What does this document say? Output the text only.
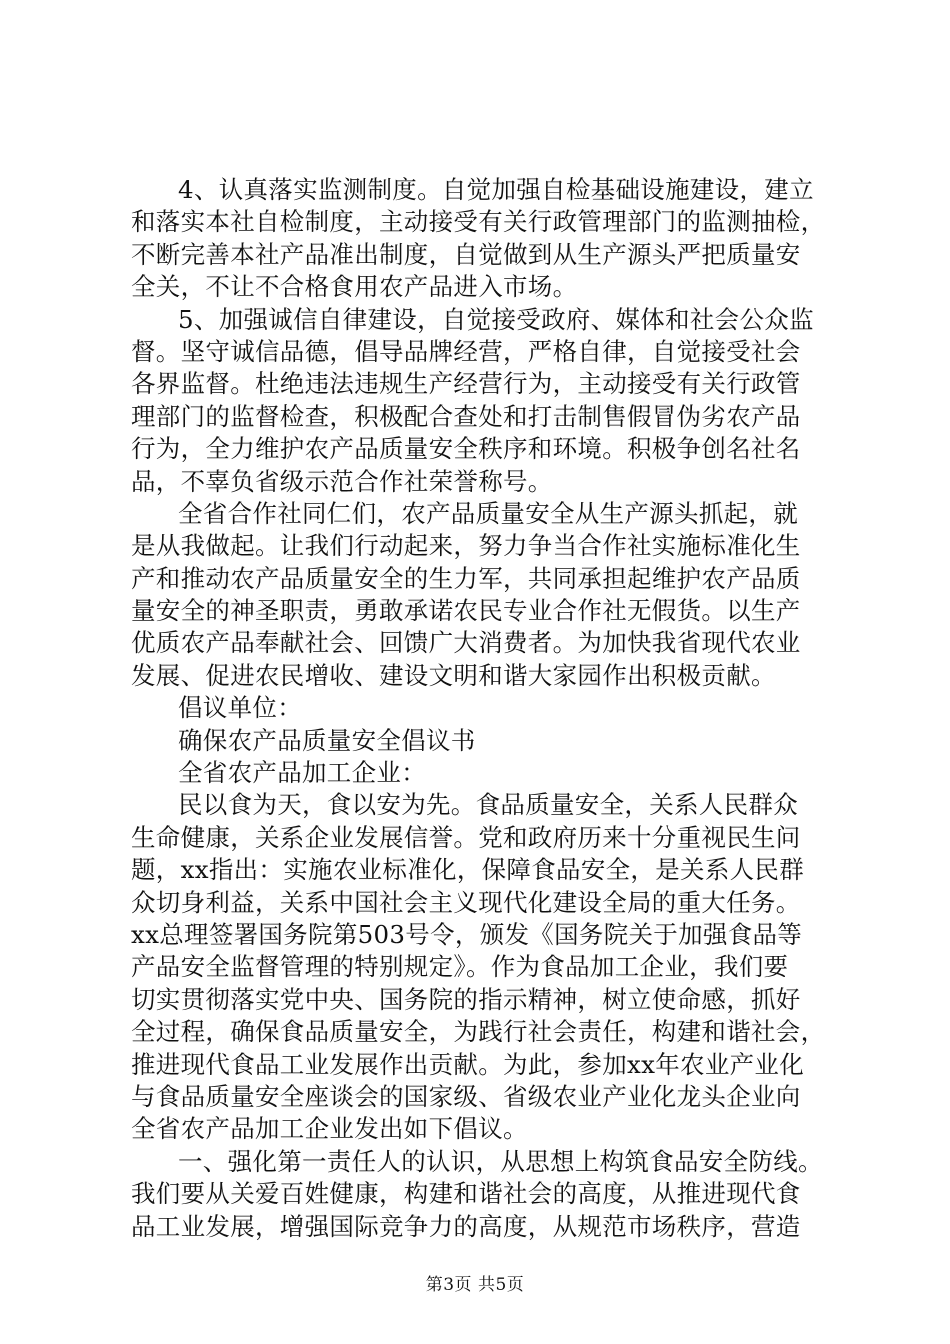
4、认真落实监测制度。自觉加强自检基础设施建设，建立
和落实本社自检制度，主动接受有关行政管理部门的监测抽检，
不断完善本社产品准出制度，自觉做到从生产源头严把质量安
全关，不让不合格食用农产品进入市场。
5、加强诚信自律建设，自觉接受政府、媒体和社会公众监
督。坚守诚信品德，倡导品牌经营，严格自律，自觉接受社会
各界监督。杜绝违法违规生产经营行为，主动接受有关行政管
理部门的监督检查，积极配合查处和打击制售假冒伪劣农产品
行为，全力维护农产品质量安全秩序和环境。积极争创名社名
品，不辜负省级示范合作社荣誉称号。
全省合作社同仁们，农产品质量安全从生产源头抓起，就
是从我做起。让我们行动起来，努力争当合作社实施标准化生
产和推动农产品质量安全的生力军，共同承担起维护农产品质
量安全的神圣职责，勇敢承诺农民专业合作社无假货。以生产
优质农产品奉献社会、回馈广大消费者。为加快我省现代农业
发展、促进农民增收、建设文明和谐大家园作出积极贡献。
倡议单位：
确保农产品质量安全倡议书
全省农产品加工企业：
民以食为天，食以安为先。食品质量安全，关系人民群众
生命健康，关系企业发展信誉。党和政府历来十分重视民生问
题，xx指出：实施农业标准化，保障食品安全，是关系人民群
众切身利益，关系中国社会主义现代化建设全局的重大任务。
xx总理签署国务院第503号令，颁发《国务院关于加强食品等
产品安全监督管理的特别规定》。作为食品加工企业，我们要
切实贯彻落实党中央、国务院的指示精神，树立使命感，抓好
全过程，确保食品质量安全，为践行社会责任，构建和谐社会，
推进现代食品工业发展作出贡献。为此，参加xx年农业产业化
与食品质量安全座谈会的国家级、省级农业产业化龙头企业向
全省农产品加工企业发出如下倡议。
一、强化第一责任人的认识，从思想上构筑食品安全防线。
我们要从关爱百姓健康，构建和谐社会的高度，从推进现代食
品工业发展，增强国际竞争力的高度，从规范市场秩序，营造
第3页 共5页
